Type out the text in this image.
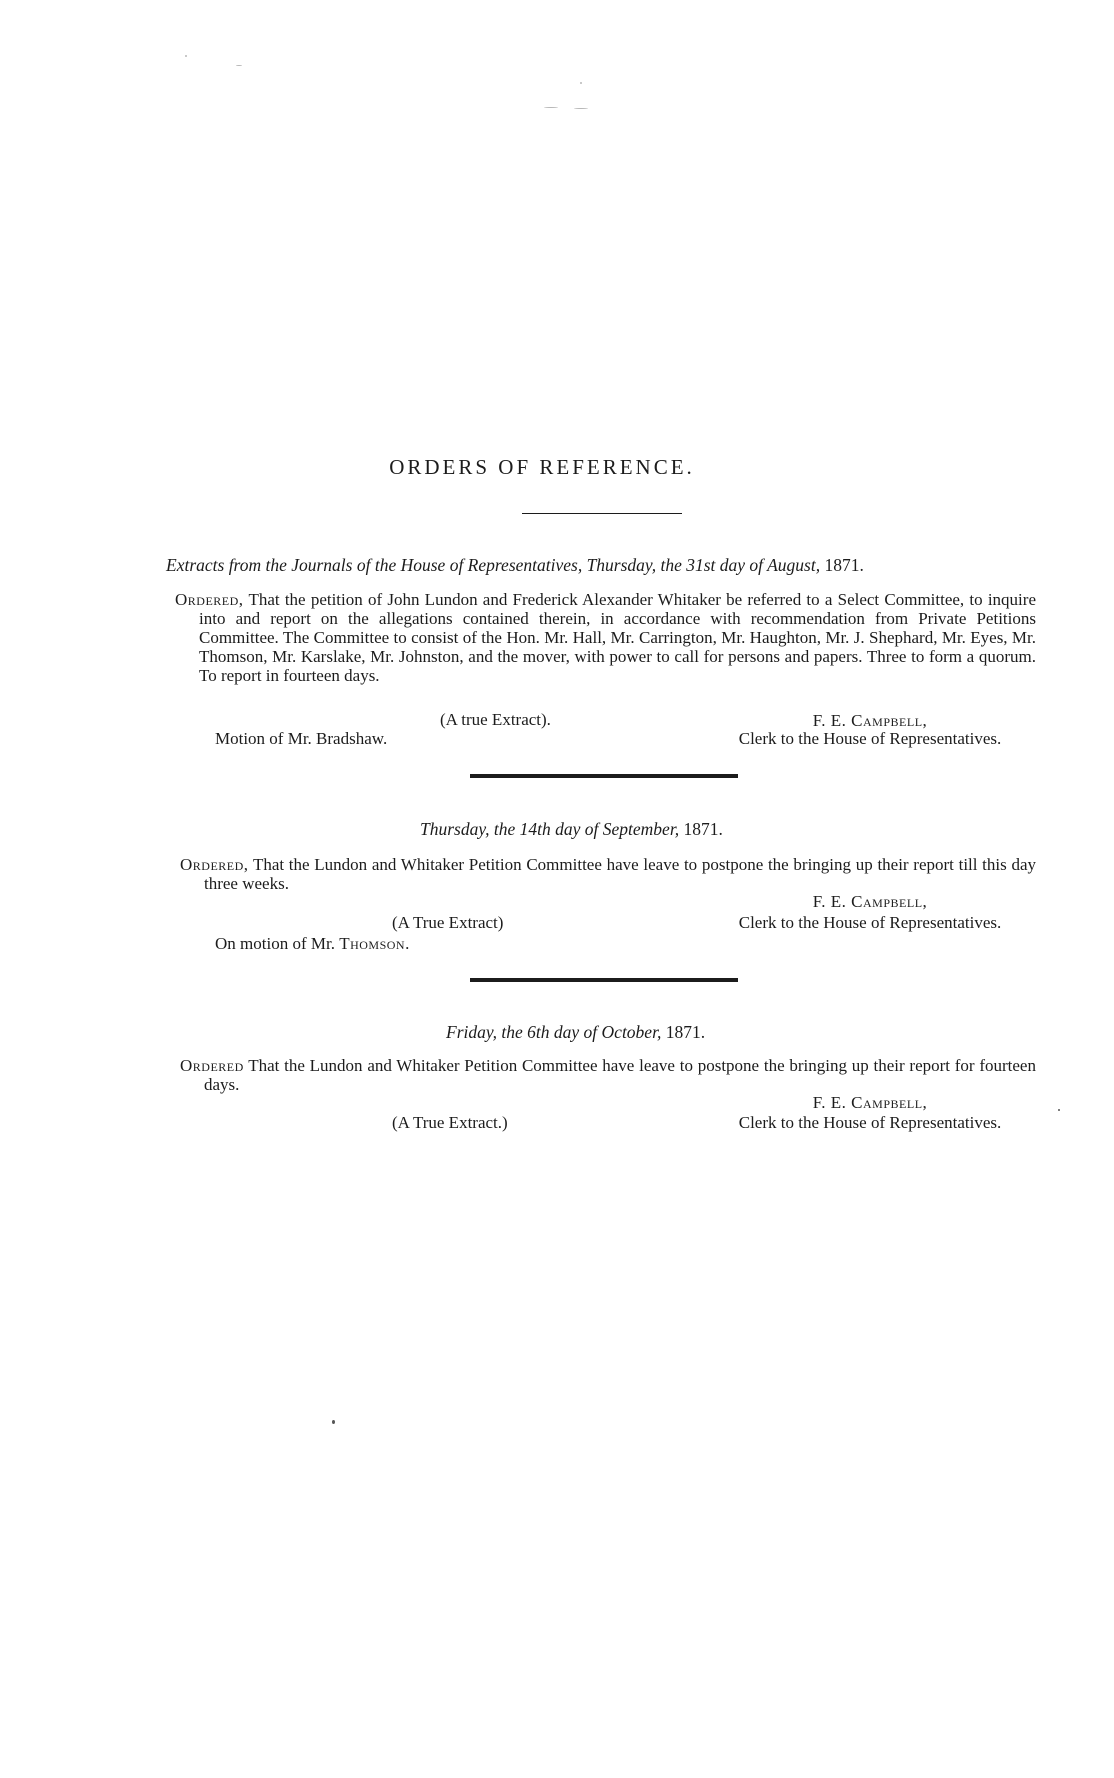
ORDERS OF REFERENCE.
Extracts from the Journals of the House of Representatives, Thursday, the 31st day of August, 1871.
Ordered, That the petition of John Lundon and Frederick Alexander Whitaker be referred to a Select Committee, to inquire into and report on the allegations contained therein, in accordance with recommendation from Private Petitions Committee. The Committee to consist of the Hon. Mr. Hall, Mr. Carrington, Mr. Haughton, Mr. J. Shephard, Mr. Eyes, Mr. Thomson, Mr. Karslake, Mr. Johnston, and the mover, with power to call for persons and papers. Three to form a quorum. To report in fourteen days.
(A true Extract).
Motion of Mr. Bradshaw.
F. E. Campbell,
Clerk to the House of Representatives.
Thursday, the 14th day of September, 1871.
Ordered, That the Lundon and Whitaker Petition Committee have leave to postpone the bringing up their report till this day three weeks.
F. E. Campbell,
(A True Extract)	Clerk to the House of Representatives.
On motion of Mr. Thomson.
Friday, the 6th day of October, 1871.
Ordered That the Lundon and Whitaker Petition Committee have leave to postpone the bringing up their report for fourteen days.
F. E. Campbell,
(A True Extract.)	Clerk to the House of Representatives.
